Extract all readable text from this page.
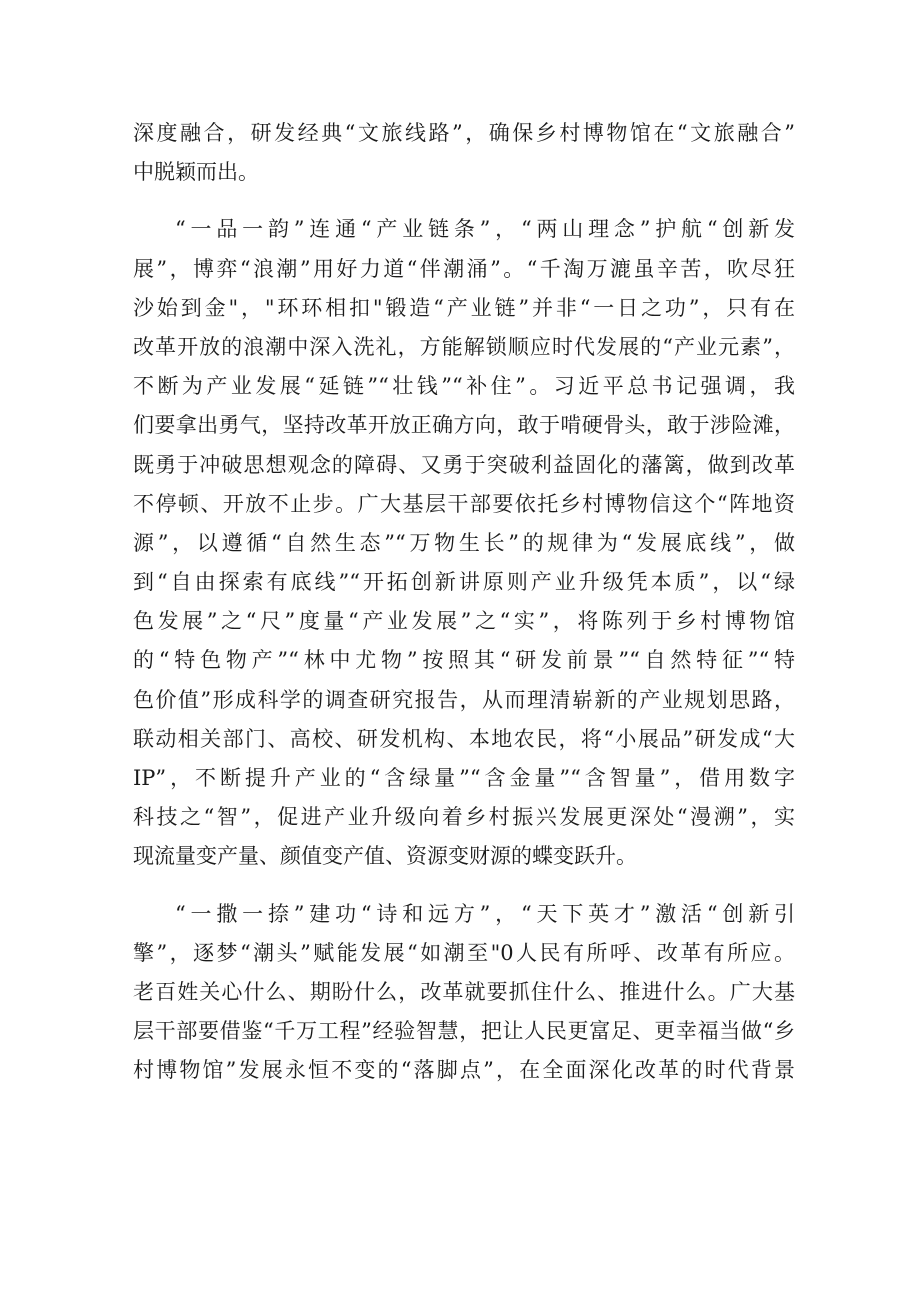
深度融合，研发经典“文旅线路”，确保乡村博物馆在“文旅融合”
中脱颖而出。
“一品一韵”连通“产业链条”，“两山理念”护航“创新发
展”，博弈“浪潮”用好力道“伴潮涌”。“千淘万漉虽辛苦，吹尽狂
沙始到金"，"环环相扣"锻造“产业链”并非“一日之功”，只有在
改革开放的浪潮中深入洗礼，方能解锁顺应时代发展的“产业元素”，
不断为产业发展“延链”“壮钱”“补住”。习近平总书记强调，我
们要拿出勇气，坚持改革开放正确方向，敢于啃硬骨头，敢于涉险滩，
既勇于冲破思想观念的障碍、又勇于突破利益固化的藩篱，做到改革
不停顿、开放不止步。广大基层干部要依托乡村博物信这个“阵地资
源”，以遵循“自然生态”“万物生长”的规律为“发展底线”，做
到“自由探索有底线”“开拓创新讲原则产业升级凭本质”，以“绿
色发展”之“尺”度量“产业发展”之“实”，将陈列于乡村博物馆
的“特色物产”“林中尤物”按照其“研发前景”“自然特征”“特
色价值”形成科学的调查研究报告，从而理清崭新的产业规划思路，
联动相关部门、高校、研发机构、本地农民，将“小展品”研发成“大
IP”，不断提升产业的“含绿量”“含金量”“含智量”，借用数字
科技之“智”，促进产业升级向着乡村振兴发展更深处“漫溯”，实
现流量变产量、颜值变产值、资源变财源的蝶变跃升。
“一撒一捺”建功“诗和远方”，“天下英才”激活“创新引
擎”，逐梦“潮头”赋能发展“如潮至"0人民有所呼、改革有所应。
老百姓关心什么、期盼什么，改革就要抓住什么、推进什么。广大基
层干部要借鉴“千万工程”经验智慧，把让人民更富足、更幸福当做“乡
村博物馆”发展永恒不变的“落脚点”，在全面深化改革的时代背景
